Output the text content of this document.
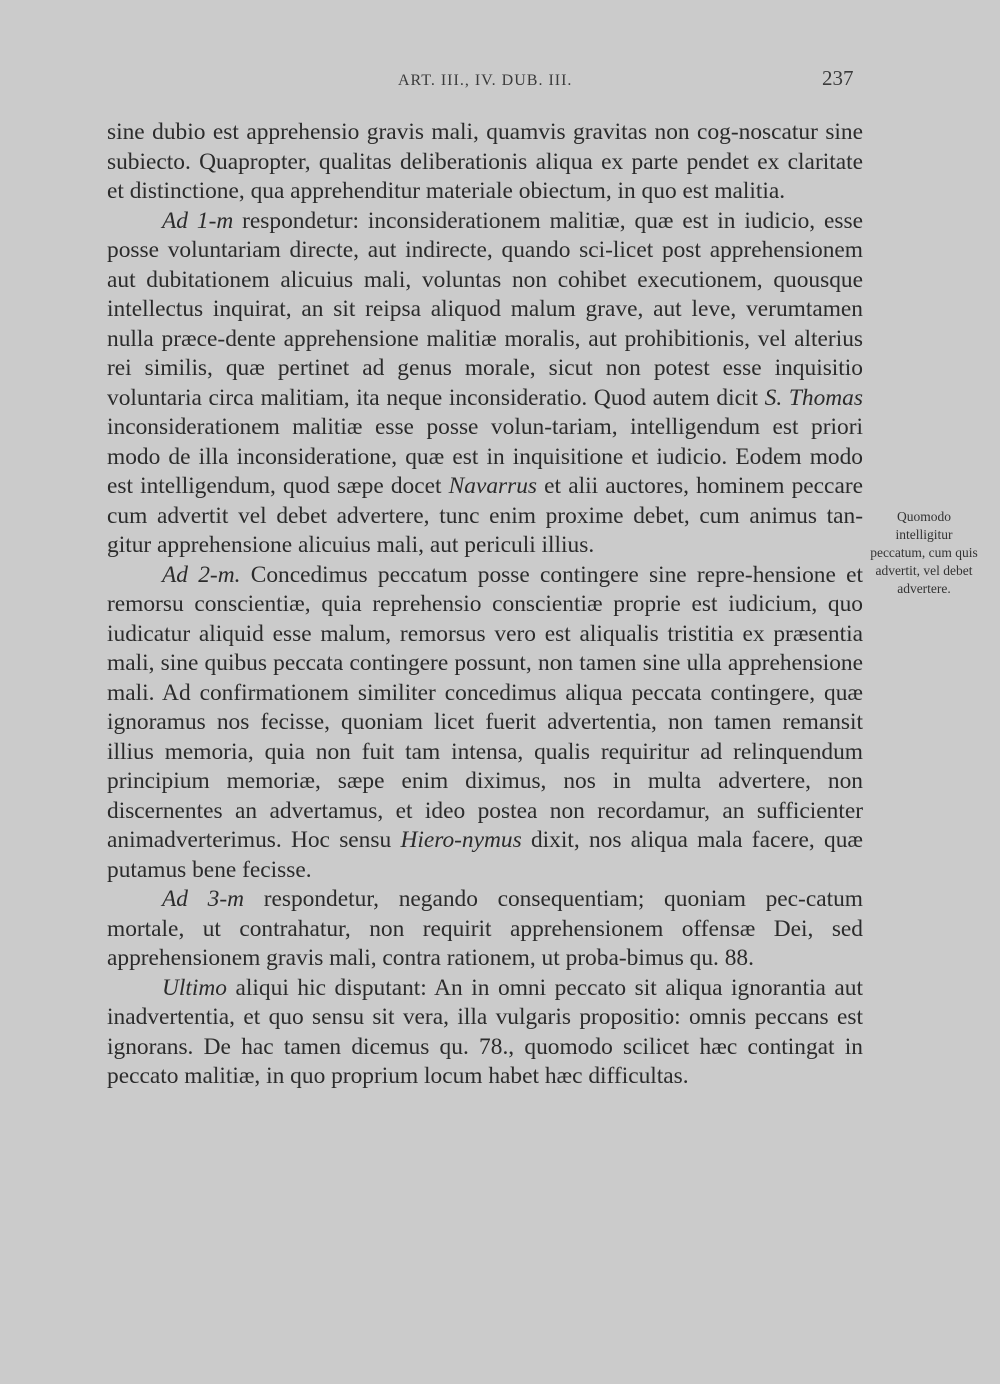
ART. III., IV. DUB. III.	237

sine dubio est apprehensio gravis mali, quamvis gravitas non cog-noscatur sine subiecto. Quapropter, qualitas deliberationis aliqua ex parte pendet ex claritate et distinctione, qua apprehenditur materiale obiectum, in quo est malitia.

Ad 1-m respondetur: inconsiderationem malitiæ, quæ est in iudicio, esse posse voluntariam directe, aut indirecte, quando sci-licet post apprehensionem aut dubitationem alicuius mali, voluntas non cohibet executionem, quousque intellectus inquirat, an sit reipsa aliquod malum grave, aut leve, verumtamen nulla præce-dente apprehensione malitiæ moralis, aut prohibitionis, vel alterius rei similis, quæ pertinet ad genus morale, sicut non potest esse inquisitio voluntaria circa malitiam, ita neque inconsideratio. Quod autem dicit S. Thomas inconsiderationem malitiæ esse posse volun-tariam, intelligendum est priori modo de illa inconsideratione, quæ est in inquisitione et iudicio. Eodem modo est intelligendum, quod sæpe docet Navarrus et alii auctores, hominem peccare cum advertit vel debet advertere, tunc enim proxime debet, cum animus tan-gitur apprehensione alicuius mali, aut periculi illius.

Ad 2-m. Concedimus peccatum posse contingere sine repre-hensione et remorsu conscientiæ, quia reprehensio conscientiæ proprie est iudicium, quo iudicatur aliquid esse malum, remorsus vero est aliqualis tristitia ex præsentia mali, sine quibus peccata contingere possunt, non tamen sine ulla apprehensione mali. Ad confirmationem similiter concedimus aliqua peccata contingere, quæ ignoramus nos fecisse, quoniam licet fuerit advertentia, non tamen remansit illius memoria, quia non fuit tam intensa, qualis requiritur ad relinquendum principium memoriæ, sæpe enim diximus, nos in multa advertere, non discernentes an advertamus, et ideo postea non recordamur, an sufficienter animadverterimus. Hoc sensu Hiero-nymus dixit, nos aliqua mala facere, quæ putamus bene fecisse.

Ad 3-m respondetur, negando consequentiam; quoniam pec-catum mortale, ut contrahatur, non requirit apprehensionem offensæ Dei, sed apprehensionem gravis mali, contra rationem, ut proba-bimus qu. 88.

Ultimo aliqui hic disputant: An in omni peccato sit aliqua ignorantia aut inadvertentia, et quo sensu sit vera, illa vulgaris propositio: omnis peccans est ignorans. De hac tamen dicemus qu. 78., quomodo scilicet hæc contingat in peccato malitiæ, in quo proprium locum habet hæc difficultas.

Quomodo intelligitur peccatum, cum quis advertit, vel debet advertere.
